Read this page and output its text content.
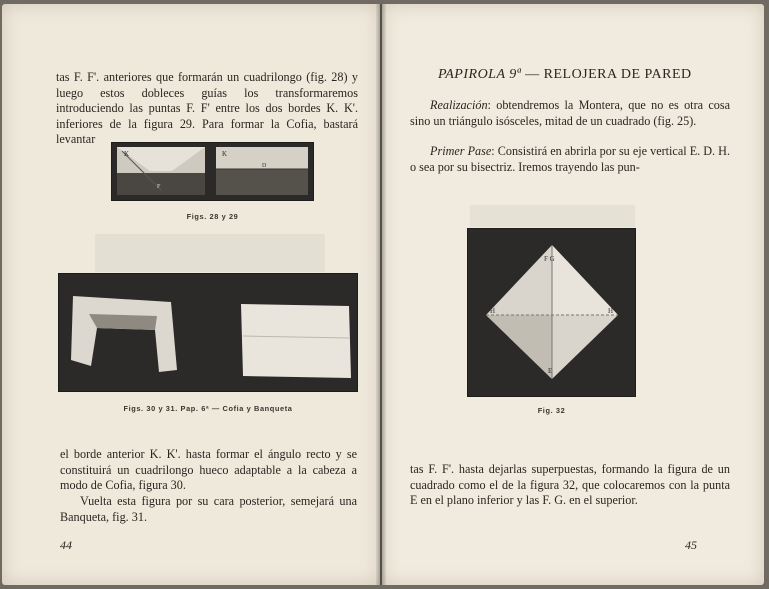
tas F. F'. anteriores que formarán un cuadrilongo (fig. 28) y luego estos dobleces guías los transformaremos introduciendo las puntas F. F' entre los dos bordes K. K'. inferiores de la figura 29. Para formar la Cofia, bastará levantar

K	K
D
F

Figs. 28 y 29

Figs. 30 y 31. Pap. 6ª — Cofia y Banqueta

el borde anterior K. K'. hasta formar el ángulo recto y se constituirá un cuadrilongo hueco adaptable a la cabeza a modo de Cofia, figura 30.

Vuelta esta figura por su cara posterior, semejará una Banqueta, fig. 31.

44
PAPIROLA 9ª — RELOJERA DE PARED

Realización: obtendremos la Montera, que no es otra cosa sino un triángulo isósceles, mitad de un cuadrado (fig. 25).

Primer Pase: Consistirá en abrirla por su eje vertical E. D. H. o sea por su bisectriz. Iremos trayendo las pun-

F G
H	H'
E

Fig. 32

tas F. F'. hasta dejarlas superpuestas, formando la figura de un cuadrado como el de la figura 32, que colocaremos con la punta E en el plano inferior y las F. G. en el superior.

45
